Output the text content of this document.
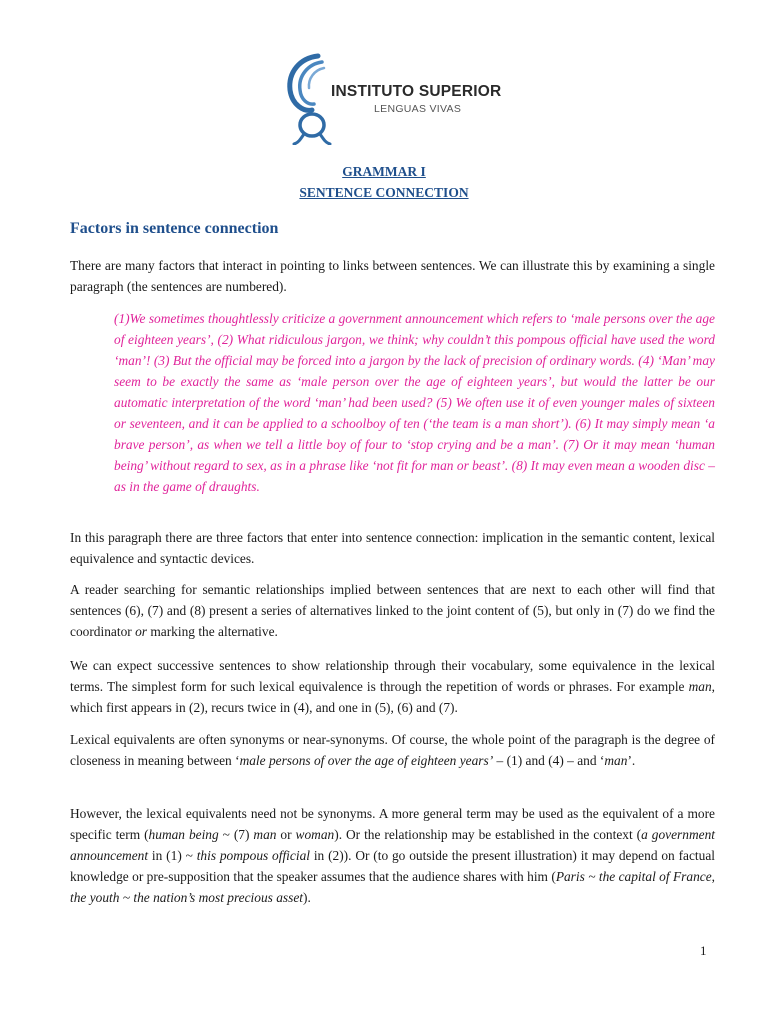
INSTITUTO SUPERIOR
LENGUAS VIVAS
GRAMMAR I
SENTENCE CONNECTION
Factors in sentence connection
There are many factors that interact in pointing to links between sentences. We can illustrate this by examining a single paragraph (the sentences are numbered).
(1)We sometimes thoughtlessly criticize a government announcement which refers to ‘male persons over the age of eighteen years’, (2) What ridiculous jargon, we think; why couldn’t this pompous official have used the word ‘man’! (3) But the official may be forced into a jargon by the lack of precision of ordinary words. (4) ‘Man’ may seem to be exactly the same as ‘male person over the age of eighteen years’, but would the latter be our automatic interpretation of the word ‘man’ had been used? (5) We often use it of even younger males of sixteen or seventeen, and it can be applied to a schoolboy of ten (‘the team is a man short’). (6) It may simply mean ‘a brave person’, as when we tell a little boy of four to ‘stop crying and be a man’. (7) Or it may mean ‘human being’ without regard to sex, as in a phrase like ‘not fit for man or beast’. (8) It may even mean a wooden disc – as in the game of draughts.
In this paragraph there are three factors that enter into sentence connection: implication in the semantic content, lexical equivalence and syntactic devices.
A reader searching for semantic relationships implied between sentences that are next to each other will find that sentences (6), (7) and (8) present a series of alternatives linked to the joint content of (5), but only in (7) do we find the coordinator or marking the alternative.
We can expect successive sentences to show relationship through their vocabulary, some equivalence in the lexical terms. The simplest form for such lexical equivalence is through the repetition of words or phrases. For example man, which first appears in (2), recurs twice in (4), and one in (5), (6) and (7).
Lexical equivalents are often synonyms or near-synonyms. Of course, the whole point of the paragraph is the degree of closeness in meaning between ‘male persons of over the age of eighteen years’ – (1) and (4) – and ‘man’.
However, the lexical equivalents need not be synonyms. A more general term may be used as the equivalent of a more specific term (human being ~ (7) man or woman). Or the relationship may be established in the context (a government announcement in (1) ~ this pompous official in (2)). Or (to go outside the present illustration) it may depend on factual knowledge or pre-supposition that the speaker assumes that the audience shares with him (Paris ~ the capital of France, the youth ~ the nation’s most precious asset).
1
